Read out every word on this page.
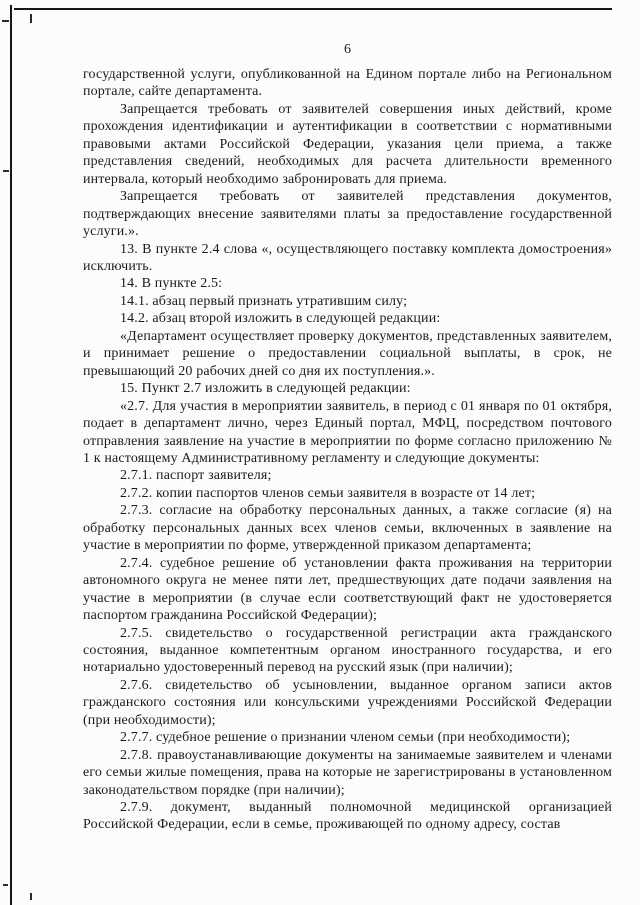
6

государственной услуги, опубликованной на Едином портале либо на Региональном портале, сайте департамента.

Запрещается требовать от заявителей совершения иных действий, кроме прохождения идентификации и аутентификации в соответствии с нормативными правовыми актами Российской Федерации, указания цели приема, а также представления сведений, необходимых для расчета длительности временного интервала, который необходимо забронировать для приема.

Запрещается требовать от заявителей представления документов, подтверждающих внесение заявителями платы за предоставление государственной услуги.».

13. В пункте 2.4 слова «, осуществляющего поставку комплекта домостроения» исключить.

14. В пункте 2.5:

14.1. абзац первый признать утратившим силу;

14.2. абзац второй изложить в следующей редакции:

«Департамент осуществляет проверку документов, представленных заявителем, и принимает решение о предоставлении социальной выплаты, в срок, не превышающий 20 рабочих дней со дня их поступления.».

15. Пункт 2.7 изложить в следующей редакции:

«2.7. Для участия в мероприятии заявитель, в период с 01 января по 01 октября, подает в департамент лично, через Единый портал, МФЦ, посредством почтового отправления заявление на участие в мероприятии по форме согласно приложению № 1 к настоящему Административному регламенту и следующие документы:

2.7.1. паспорт заявителя;

2.7.2. копии паспортов членов семьи заявителя в возрасте от 14 лет;

2.7.3. согласие на обработку персональных данных, а также согласие (я) на обработку персональных данных всех членов семьи, включенных в заявление на участие в мероприятии по форме, утвержденной приказом департамента;

2.7.4. судебное решение об установлении факта проживания на территории автономного округа не менее пяти лет, предшествующих дате подачи заявления на участие в мероприятии (в случае если соответствующий факт не удостоверяется паспортом гражданина Российской Федерации);

2.7.5. свидетельство о государственной регистрации акта гражданского состояния, выданное компетентным органом иностранного государства, и его нотариально удостоверенный перевод на русский язык (при наличии);

2.7.6. свидетельство об усыновлении, выданное органом записи актов гражданского состояния или консульскими учреждениями Российской Федерации (при необходимости);

2.7.7. судебное решение о признании членом семьи (при необходимости);

2.7.8. правоустанавливающие документы на занимаемые заявителем и членами его семьи жилые помещения, права на которые не зарегистрированы в установленном законодательством порядке (при наличии);

2.7.9. документ, выданный полномочной медицинской организацией Российской Федерации, если в семье, проживающей по одному адресу, состав
